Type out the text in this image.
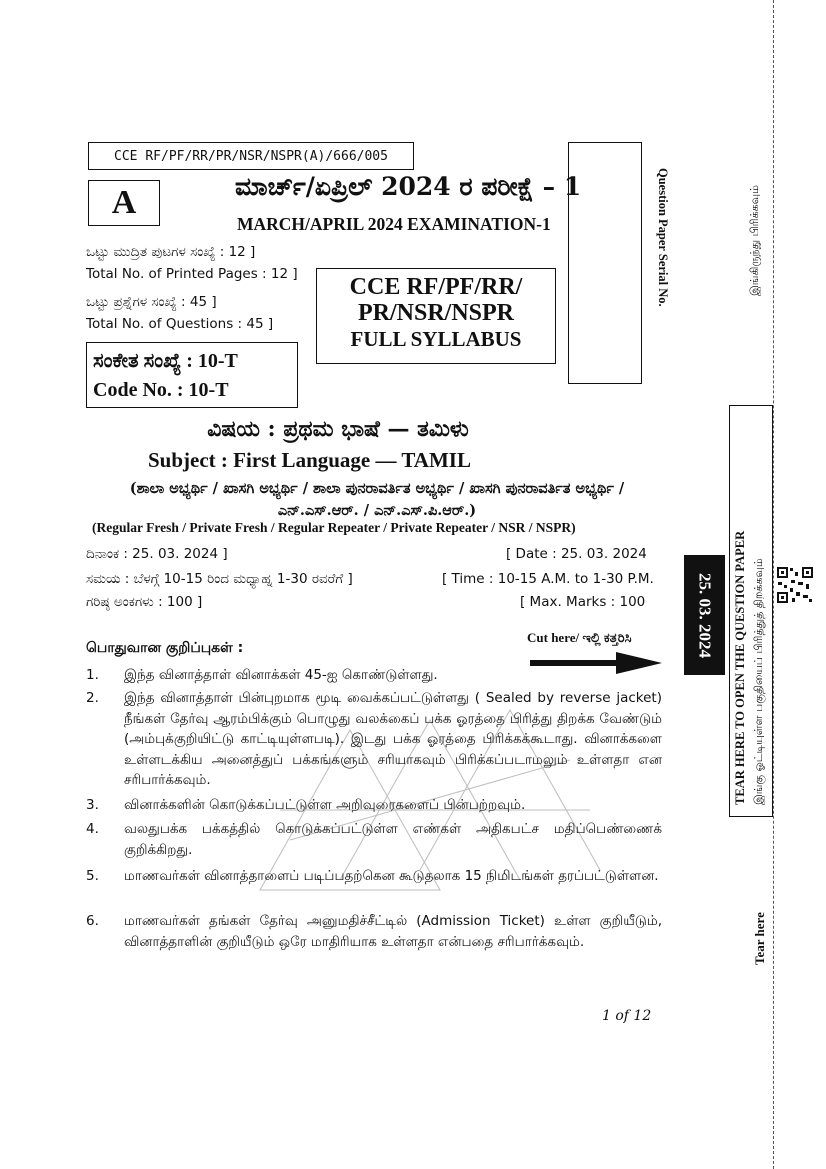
CCE RF/PF/RR/PR/NSR/NSPR(A)/666/005
A	ಮಾರ್ಚ್/ಏಪ್ರಿಲ್ 2024 ರ ಪರೀಕ್ಷೆ – 1
MARCH/APRIL 2024 EXAMINATION-1
ಒಟ್ಟು ಮುದ್ರಿತ ಪುಟಗಳ ಸಂಖ್ಯೆ : 12 ]
Total No. of Printed Pages : 12 ]
ಒಟ್ಟು ಪ್ರಶ್ನೆಗಳ ಸಂಖ್ಯೆ : 45 ]
Total No. of Questions : 45 ]
CCE RF/PF/RR/
PR/NSR/NSPR
FULL SYLLABUS
ಸಂಕೇತ ಸಂಖ್ಯೆ : 10-T
Code No. : 10-T
Question Paper Serial No.	இங்கிருந்து பிரிக்கவும்
TEAR HERE TO OPEN THE QUESTION PAPER இங்கு ஓட்டியுள்ள பகுதியைப் பிரித்துத் திறக்கவும்
25. 03. 2024
Tear here
ವಿಷಯ : ಪ್ರಥಮ ಭಾಷೆ — ತಮಿಳು
Subject : First Language — TAMIL
(ಶಾಲಾ ಅಭ್ಯರ್ಥಿ / ಖಾಸಗಿ ಅಭ್ಯರ್ಥಿ / ಶಾಲಾ ಪುನರಾವರ್ತಿತ ಅಭ್ಯರ್ಥಿ / ಖಾಸಗಿ ಪುನರಾವರ್ತಿತ ಅಭ್ಯರ್ಥಿ / ಎನ್.ಎಸ್.ಆರ್. / ಎನ್.ಎಸ್.ಪಿ.ಆರ್.)
(Regular Fresh / Private Fresh / Regular Repeater / Private Repeater / NSR / NSPR)
ದಿನಾಂಕ : 25. 03. 2024 ]	[ Date : 25. 03. 2024
ಸಮಯ : ಬೆಳಗ್ಗೆ 10-15 ರಿಂದ ಮಧ್ಯಾಹ್ನ 1-30 ರವರೆಗೆ ]	[ Time : 10-15 A.M. to 1-30 P.M.
ಗರಿಷ್ಠ ಅಂಕಗಳು : 100 ]	[ Max. Marks : 100
பொதுவான குறிப்புகள் :
Cut here/ ಇಲ್ಲಿ ಕತ್ತರಿಸಿ
1.	இந்த வினாத்தாள் வினாக்கள் 45-ஐ கொண்டுள்ளது.
2.	இந்த வினாத்தாள் பின்புறமாக மூடி வைக்கப்பட்டுள்ளது ( Sealed by reverse jacket) நீங்கள் தேர்வு ஆரம்பிக்கும் பொழுது வலக்கைப் பக்க ஓரத்தை பிரித்து திறக்க வேண்டும் (அம்புக்குறியிட்டு காட்டியுள்ளபடி). இடது பக்க ஓரத்தை பிரிக்கக்கூடாது. வினாக்களை உள்ளடக்கிய அனைத்துப் பக்கங்களும் சரியாகவும் பிரிக்கப்படாமலும் உள்ளதா என சரிபார்க்கவும்.
3.	வினாக்களின் கொடுக்கப்பட்டுள்ள அறிவுரைகளைப் பின்பற்றவும்.
4.	வலதுபக்க பக்கத்தில் கொடுக்கப்பட்டுள்ள எண்கள் அதிகபட்ச மதிப்பெண்ணைக் குறிக்கிறது.
5.	மாணவர்கள் வினாத்தாளைப் படிப்பதற்கென கூடுதலாக 15 நிமிடங்கள் தரப்பட்டுள்ளன.
6.	மாணவர்கள் தங்கள் தேர்வு அனுமதிச்சீட்டில் (Admission Ticket) உள்ள குறியீடும், வினாத்தாளின் குறியீடும் ஒரே மாதிரியாக உள்ளதா என்பதை சரிபார்க்கவும்.
1 of 12
